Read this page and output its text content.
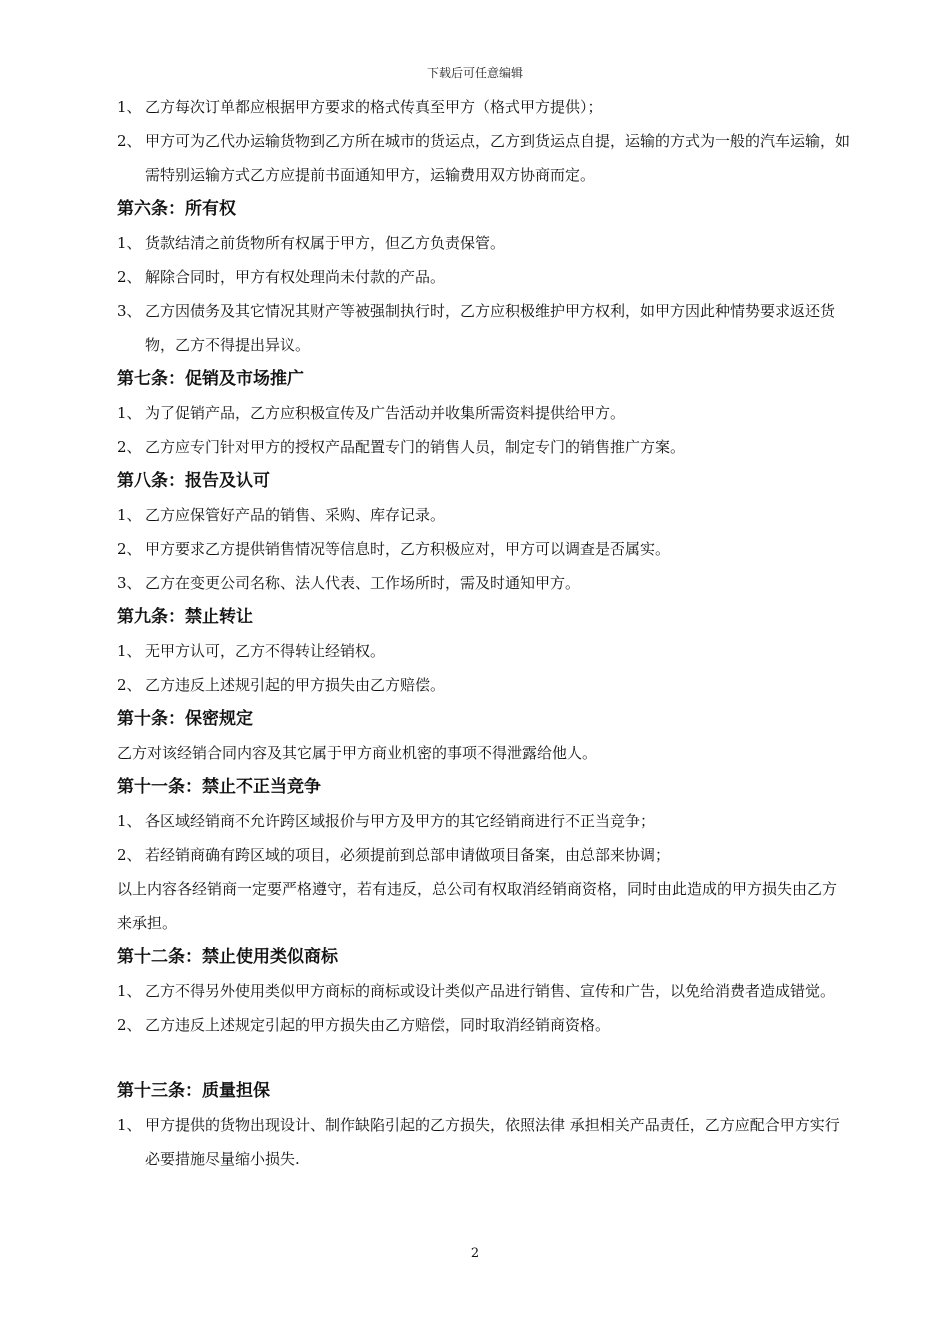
下载后可任意编辑
1、 乙方每次订单都应根据甲方要求的格式传真至甲方（格式甲方提供）；
2、 甲方可为乙代办运输货物到乙方所在城市的货运点，乙方到货运点自提，运输的方式为一般的汽车运输，如需特别运输方式乙方应提前书面通知甲方，运输费用双方协商而定。
第六条：所有权
1、 货款结清之前货物所有权属于甲方，但乙方负责保管。
2、 解除合同时，甲方有权处理尚未付款的产品。
3、 乙方因债务及其它情况其财产等被强制执行时，乙方应积极维护甲方权利，如甲方因此种情势要求返还货物，乙方不得提出异议。
第七条：促销及市场推广
1、 为了促销产品，乙方应积极宣传及广告活动并收集所需资料提供给甲方。
2、 乙方应专门针对甲方的授权产品配置专门的销售人员，制定专门的销售推广方案。
第八条：报告及认可
1、 乙方应保管好产品的销售、采购、库存记录。
2、 甲方要求乙方提供销售情况等信息时，乙方积极应对，甲方可以调查是否属实。
3、 乙方在变更公司名称、法人代表、工作场所时，需及时通知甲方。
第九条：禁止转让
1、 无甲方认可，乙方不得转让经销权。
2、 乙方违反上述规引起的甲方损失由乙方赔偿。
第十条：保密规定
乙方对该经销合同内容及其它属于甲方商业机密的事项不得泄露给他人。
第十一条：禁止不正当竞争
1、 各区域经销商不允许跨区域报价与甲方及甲方的其它经销商进行不正当竞争；
2、 若经销商确有跨区域的项目，必须提前到总部申请做项目备案，由总部来协调；
以上内容各经销商一定要严格遵守，若有违反，总公司有权取消经销商资格，同时由此造成的甲方损失由乙方来承担。
第十二条：禁止使用类似商标
1、 乙方不得另外使用类似甲方商标的商标或设计类似产品进行销售、宣传和广告，以免给消费者造成错觉。
2、 乙方违反上述规定引起的甲方损失由乙方赔偿，同时取消经销商资格。
第十三条：质量担保
1、 甲方提供的货物出现设计、制作缺陷引起的乙方损失，依照法律 承担相关产品责任，乙方应配合甲方实行必要措施尽量缩小损失.
2
